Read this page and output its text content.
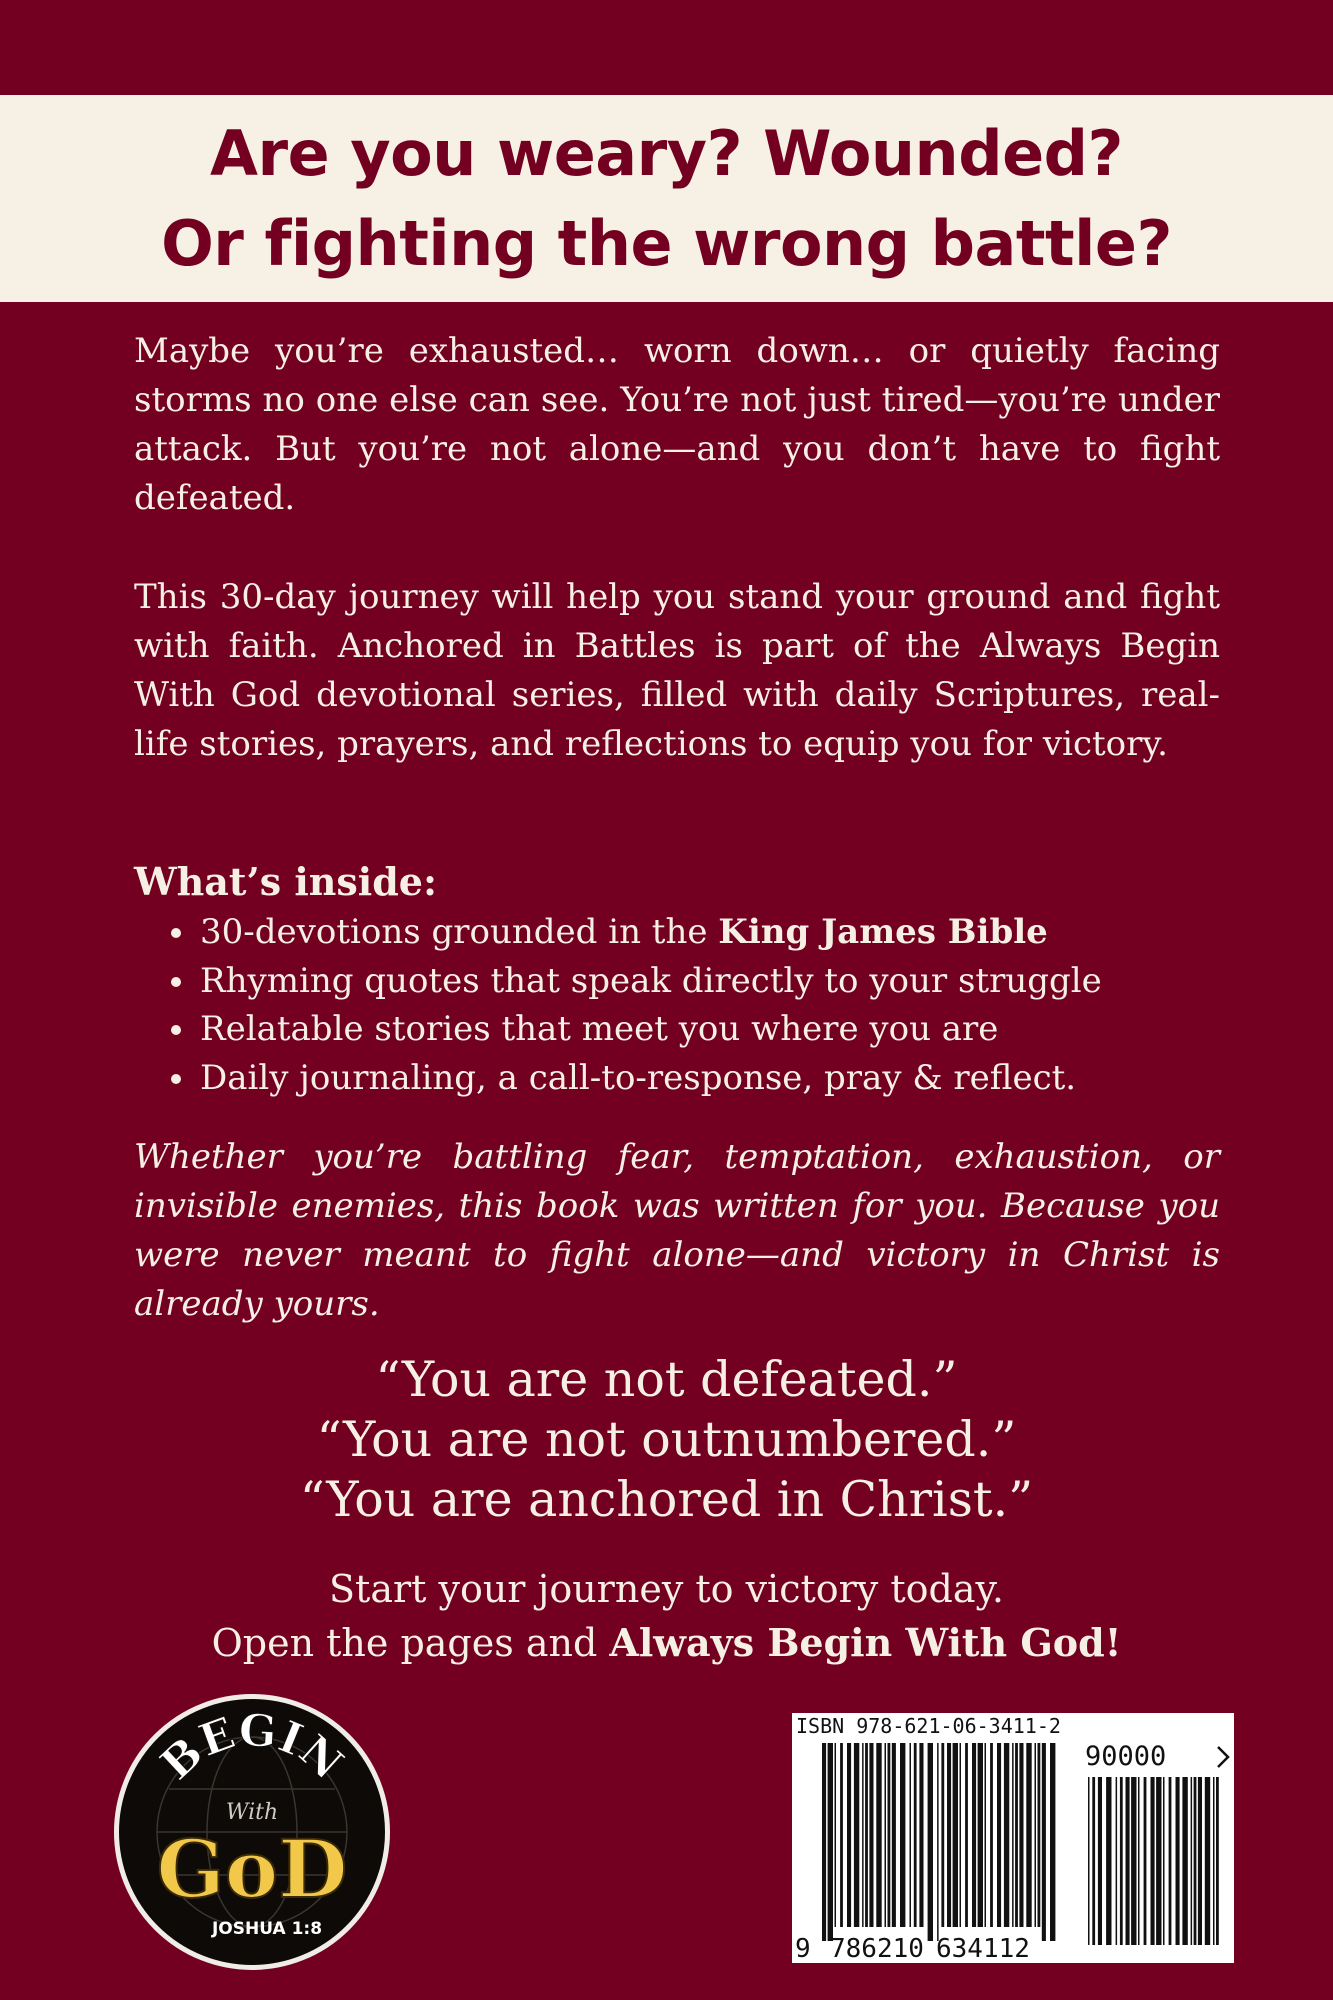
Are you weary? Wounded?
Or fighting the wrong battle?

Maybe you’re exhausted… worn down… or quietly facing storms no one else can see. You’re not just tired—you’re under attack. But you’re not alone—and you don’t have to fight defeated.

This 30-day journey will help you stand your ground and fight with faith. Anchored in Battles is part of the Always Begin With God devotional series, filled with daily Scriptures, real-life stories, prayers, and reflections to equip you for victory.

What’s inside:

• 30-devotions grounded in the King James Bible
• Rhyming quotes that speak directly to your struggle
• Relatable stories that meet you where you are
• Daily journaling, a call-to-response, pray & reflect.

Whether you’re battling fear, temptation, exhaustion, or invisible enemies, this book was written for you. Because you were never meant to fight alone—and victory in Christ is already yours.

“You are not defeated.”
“You are not outnumbered.”
“You are anchored in Christ.”
Start your journey to victory today.
Open the pages and Always Begin With God!
BEGIN
With
GoD
JOSHUA 1:8
ISBN 978-621-06-3411-2
90000
9 786210 634112
